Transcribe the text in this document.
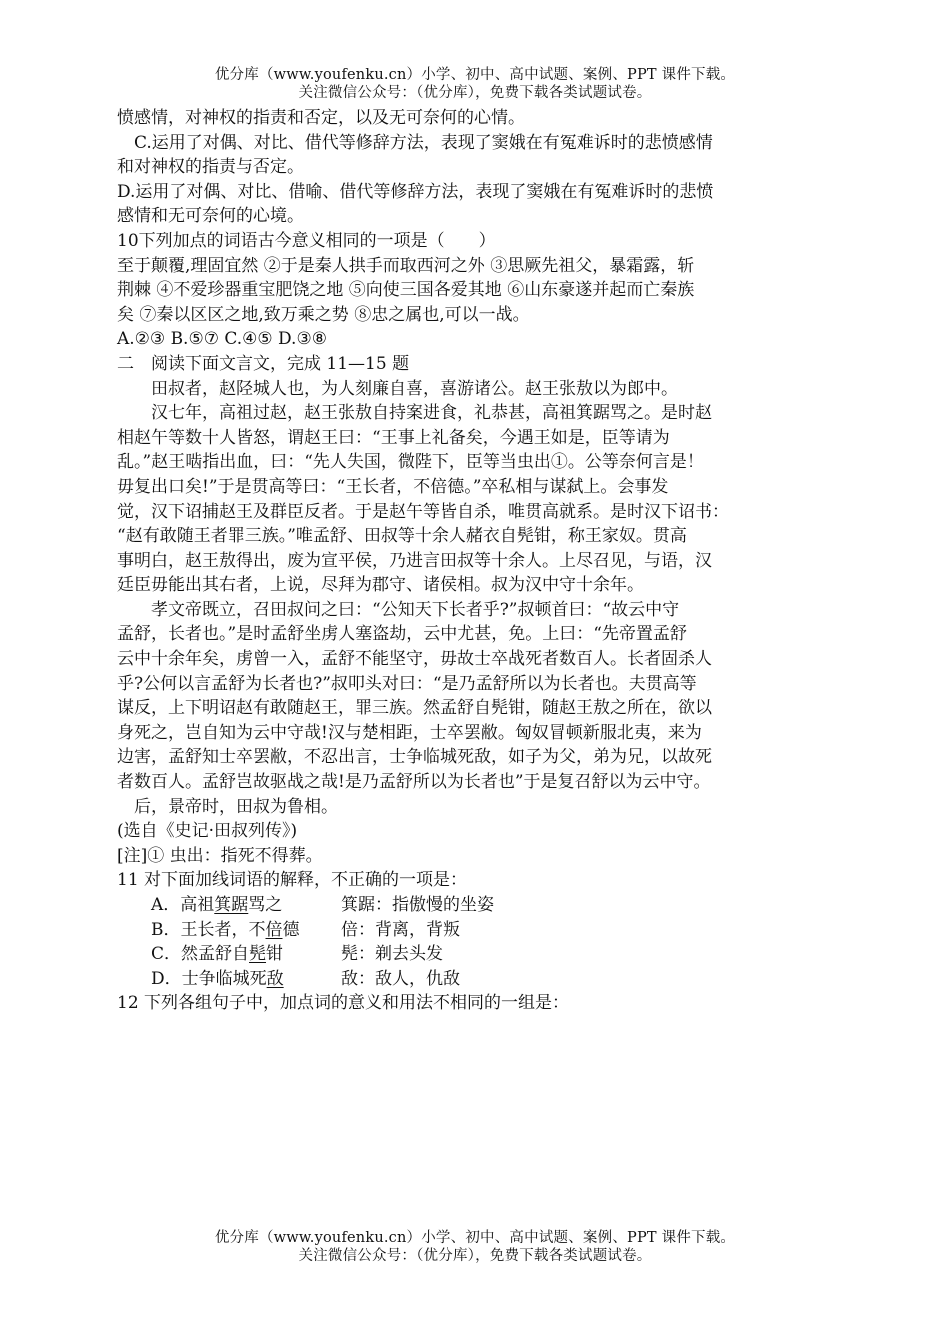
优分库（www.youfenku.cn）小学、初中、高中试题、案例、PPT 课件下载。
关注微信公众号：（优分库），免费下载各类试题试卷。
愤感情，对神权的指责和否定，以及无可奈何的心情。
C.运用了对偶、对比、借代等修辞方法，表现了窦娥在有冤难诉时的悲愤感情
和对神权的指责与否定。
D.运用了对偶、对比、借喻、借代等修辞方法，表现了窦娥在有冤难诉时的悲愤
感情和无可奈何的心境。
10下列加点的词语古今意义相同的一项是（　　）
至于颠覆,理固宜然 ②于是秦人拱手而取西河之外 ③思厥先祖父，暴霜露，斩
荆棘 ④不爱珍器重宝肥饶之地 ⑤向使三国各爱其地 ⑥山东豪遂并起而亡秦族
矣 ⑦秦以区区之地,致万乘之势 ⑧忠之属也,可以一战。
A.②③ B.⑤⑦ C.④⑤ D.③⑧
二　阅读下面文言文，完成 11—15 题
田叔者，赵陉城人也，为人刻廉自喜，喜游诸公。赵王张敖以为郎中。
汉七年，高祖过赵，赵王张敖自持案进食，礼恭甚，高祖箕踞骂之。是时赵
相赵午等数十人皆怒，谓赵王曰：“王事上礼备矣，今遇王如是，臣等请为
乱。”赵王啮指出血，曰：“先人失国，微陛下，臣等当虫出①。公等奈何言是！
毋复出口矣!”于是贯高等曰：“王长者，不倍德。”卒私相与谋弑上。会事发
觉，汉下诏捕赵王及群臣反者。于是赵午等皆自杀，唯贯高就系。是时汉下诏书：
“赵有敢随王者罪三族。”唯孟舒、田叔等十余人赭衣自髡钳，称王家奴。贯高
事明白，赵王敖得出，废为宣平侯，乃进言田叔等十余人。上尽召见，与语，汉
廷臣毋能出其右者，上说，尽拜为郡守、诸侯相。叔为汉中守十余年。
孝文帝既立，召田叔问之曰：“公知天下长者乎?”叔顿首曰：“故云中守
孟舒，长者也。”是时孟舒坐虏人塞盗劫，云中尤甚，免。上曰：“先帝置孟舒
云中十余年矣，虏曾一入，孟舒不能坚守，毋故士卒战死者数百人。长者固杀人
乎?公何以言孟舒为长者也?”叔叩头对曰：“是乃孟舒所以为长者也。夫贯高等
谋反，上下明诏赵有敢随赵王，罪三族。然孟舒自髡钳，随赵王敖之所在，欲以
身死之，岂自知为云中守哉!汉与楚相距，士卒罢敝。匈奴冒顿新服北夷，来为
边害，孟舒知士卒罢敝，不忍出言，士争临城死敌，如子为父，弟为兄，以故死
者数百人。孟舒岂故驱战之哉!是乃孟舒所以为长者也”于是复召舒以为云中守。
后，景帝时，田叔为鲁相。
(选自《史记·田叔列传》)
[注]① 虫出：指死不得葬。
11 对下面加线词语的解释，不正确的一项是：
A．高祖箕踞骂之	箕踞：指傲慢的坐姿
B．王长者，不倍德	倍：背离，背叛
C．然孟舒自髡钳	髡：剃去头发
D．士争临城死敌	敌：敌人，仇敌
12 下列各组句子中，加点词的意义和用法不相同的一组是：
优分库（www.youfenku.cn）小学、初中、高中试题、案例、PPT 课件下载。
关注微信公众号：（优分库），免费下载各类试题试卷。
